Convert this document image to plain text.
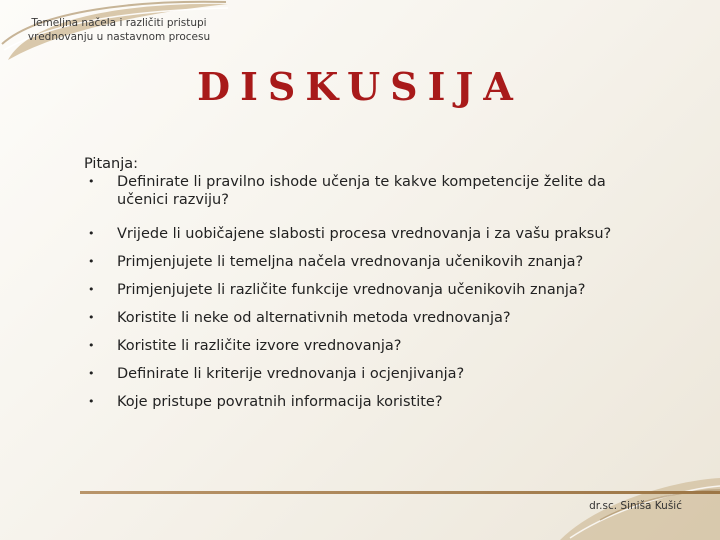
Temeljna načela i različiti pristupi vrednovanju u nastavnom procesu
DISKUSIJA

Pitanja:

• Definirate li pravilno ishode učenja te kakve kompetencije želite da učenici razviju?
• Vrijede li uobičajene slabosti procesa vrednovanja i za vašu praksu?
• Primjenjujete li temeljna načela vrednovanja učenikovih znanja?
• Primjenjujete li različite funkcije vrednovanja učenikovih znanja?
• Koristite li neke od alternativnih metoda vrednovanja?
• Koristite li različite izvore vrednovanja?
• Definirate li kriterije vrednovanja i ocjenjivanja?
• Koje pristupe povratnih informacija koristite?
dr.sc. Siniša Kušić
